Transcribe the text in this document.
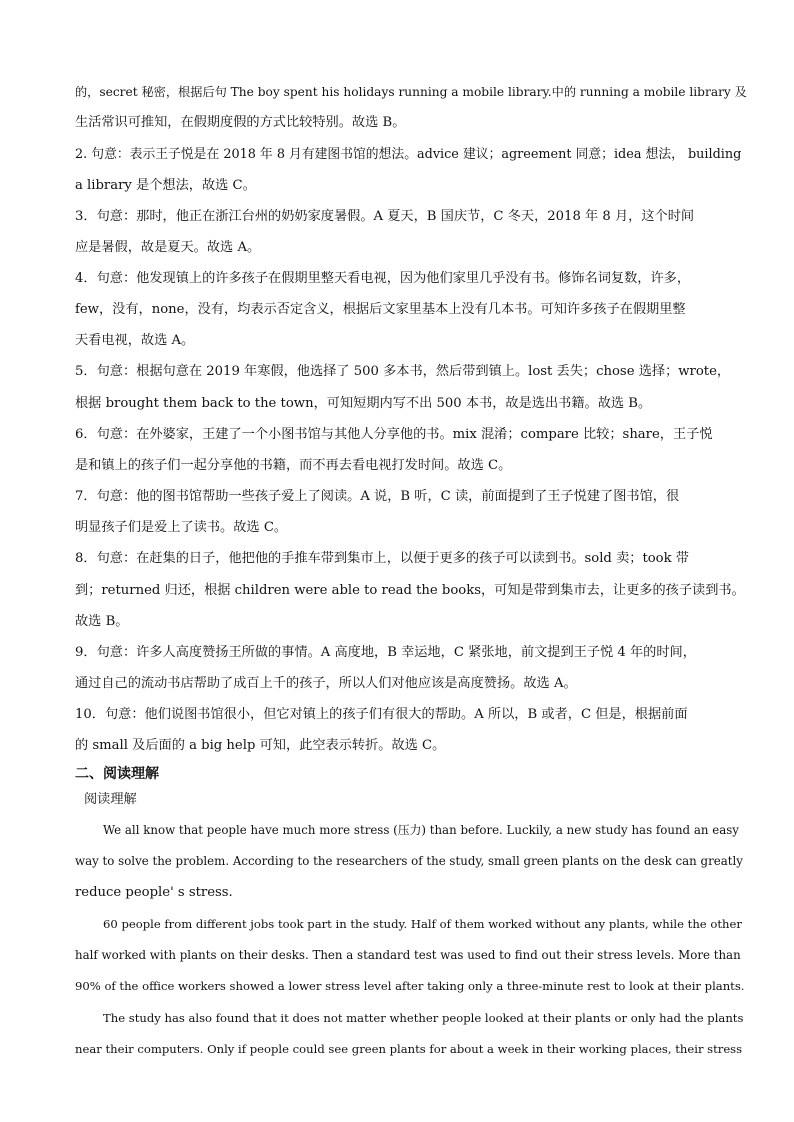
的，secret 秘密，根据后句 The boy spent his holidays running a mobile library.中的 running a mobile library 及
生活常识可推知，在假期度假的方式比较特别。故选 B。
2. 句意：表示王子悦是在 2018 年 8 月有建图书馆的想法。advice 建议；agreement 同意；idea 想法， building
a library 是个想法，故选 C。
3．句意：那时，他正在浙江台州的奶奶家度暑假。A 夏天，B 国庆节，C 冬天，2018 年 8 月，这个时间
应是暑假，故是夏天。故选 A。
4．句意：他发现镇上的许多孩子在假期里整天看电视，因为他们家里几乎没有书。修饰名词复数，许多，
few，没有，none，没有，均表示否定含义，根据后文家里基本上没有几本书。可知许多孩子在假期里整
天看电视，故选 A。
5．句意：根据句意在 2019 年寒假，他选择了 500 多本书，然后带到镇上。lost 丢失；chose 选择；wrote，
根据 brought them back to the town，可知短期内写不出 500 本书，故是选出书籍。故选 B。
6．句意：在外婆家，王建了一个小图书馆与其他人分享他的书。mix 混淆；compare 比较；share，王子悦
是和镇上的孩子们一起分享他的书籍，而不再去看电视打发时间。故选 C。
7．句意：他的图书馆帮助一些孩子爱上了阅读。A 说，B 听，C 读，前面提到了王子悦建了图书馆，很
明显孩子们是爱上了读书。故选 C。
8．句意：在赶集的日子，他把他的手推车带到集市上，以便于更多的孩子可以读到书。sold 卖；took 带
到；returned 归还，根据 children were able to read the books，可知是带到集市去，让更多的孩子读到书。
故选 B。
9．句意：许多人高度赞扬王所做的事情。A 高度地，B 幸运地，C 紧张地，前文提到王子悦 4 年的时间，
通过自己的流动书店帮助了成百上千的孩子，所以人们对他应该是高度赞扬。故选 A。
10．句意：他们说图书馆很小，但它对镇上的孩子们有很大的帮助。A 所以，B 或者，C 但是，根据前面
的 small 及后面的 a big help 可知，此空表示转折。故选 C。
二、阅读理解
阅读理解
We all know that people have much more stress (压力) than before. Luckily, a new study has found an easy
way to solve the problem. According to the researchers of the study, small green plants on the desk can greatly
reduce people' s stress.
60 people from different jobs took part in the study. Half of them worked without any plants, while the other
half worked with plants on their desks. Then a standard test was used to find out their stress levels. More than
90% of the office workers showed a lower stress level after taking only a three-minute rest to look at their plants.
The study has also found that it does not matter whether people looked at their plants or only had the plants
near their computers. Only if people could see green plants for about a week in their working places, their stress
